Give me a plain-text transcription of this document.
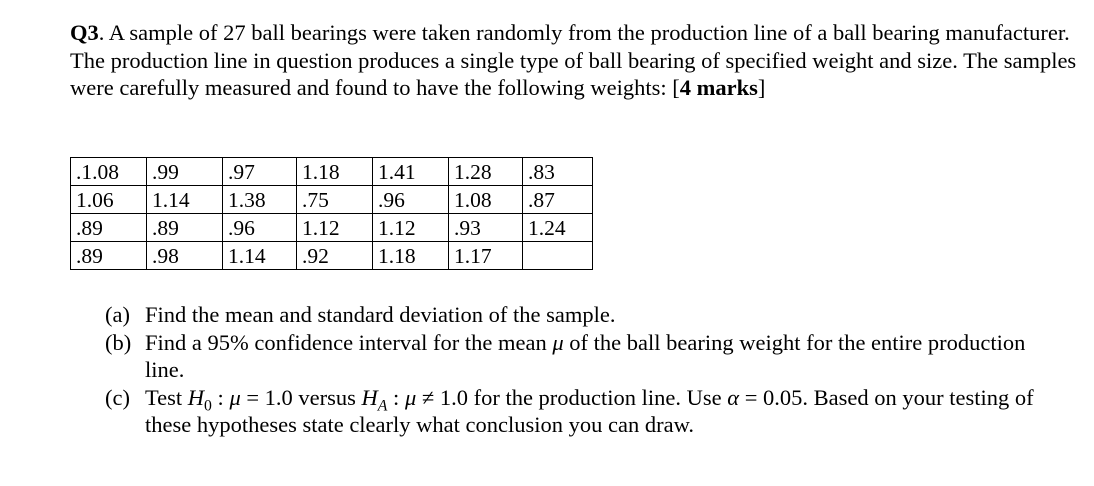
Q3. A sample of 27 ball bearings were taken randomly from the production line of a ball bearing manufacturer. The production line in question produces a single type of ball bearing of specified weight and size. The samples were carefully measured and found to have the following weights: [4 marks]

.1.08	.99	.97	1.18	1.41	1.28	.83
1.06	1.14	1.38	.75	.96	1.08	.87
.89	.89	.96	1.12	1.12	.93	1.24
.89	.98	1.14	.92	1.18	1.17	
(a) Find the mean and standard deviation of the sample.
(b) Find a 95% confidence interval for the mean μ of the ball bearing weight for the entire production line.
(c) Test $H_0$ : μ = 1.0 versus $H_A$ : μ ≠ 1.0 for the production line. Use α = 0.05. Based on your testing of these hypotheses state clearly what conclusion you can draw.
